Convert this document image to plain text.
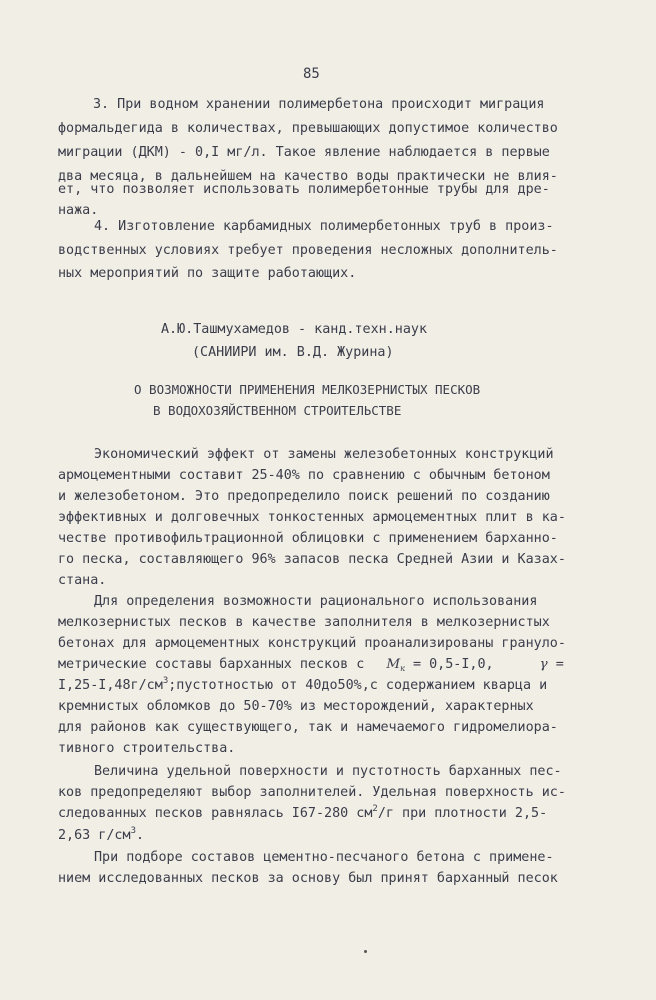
85
3. При водном хранении полимербетона происходит миграция
формальдегида в количествах, превышающих допустимое количество
миграции (ДКМ) - 0,I мг/л. Такое явление наблюдается в первые
два месяца, в дальнейшем на качество воды практически не влия-
ет, что позволяет использовать полимербетонные трубы для дре-
нажа.
4. Изготовление карбамидных полимербетонных труб в произ-
водственных условиях требует проведения несложных дополнитель-
ных мероприятий по защите работающих.
А.Ю.Ташмухамедов - канд.техн.наук
(САНИИРИ им. В.Д. Журина)
О ВОЗМОЖНОСТИ ПРИМЕНЕНИЯ МЕЛКОЗЕРНИСТЫХ ПЕСКОВ
В ВОДОХОЗЯЙСТВЕННОМ СТРОИТЕЛЬСТВЕ
Экономический эффект от замены железобетонных конструкций
армоцементными составит 25-40% по сравнению с обычным бетоном
и железобетоном. Это предопределило поиск решений по созданию
эффективных и долговечных тонкостенных армоцементных плит в ка-
честве противофильтрационной облицовки с применением барханно-
го песка, составляющего 96% запасов песка Средней Азии и Казах-
стана.
Для определения возможности рационального использования
мелкозернистых песков в качестве заполнителя в мелкозернистых
бетонах для армоцементных конструкций проанализированы грануло-
метрические составы барханных песков с $М_к = 0,5-I,0$,	γ =
$I,25-I,48г/см^3;пустотностью$ от 40до50%,с содержанием кварца и
кремнистых обломков до 50-70% из месторождений, характерных
для районов как существующего, так и намечаемого гидромелиора-
тивного строительства.
Величина удельной поверхности и пустотность барханных пес-
ков предопределяют выбор заполнителей. Удельная поверхность ис-
следованных песков равнялась I67-280 $см^2/г$ при плотности 2,5-
2,63 $г/см^3$.
При подборе составов цементно-песчаного бетона с примене-
нием исследованных песков за основу был принят барханный песок
